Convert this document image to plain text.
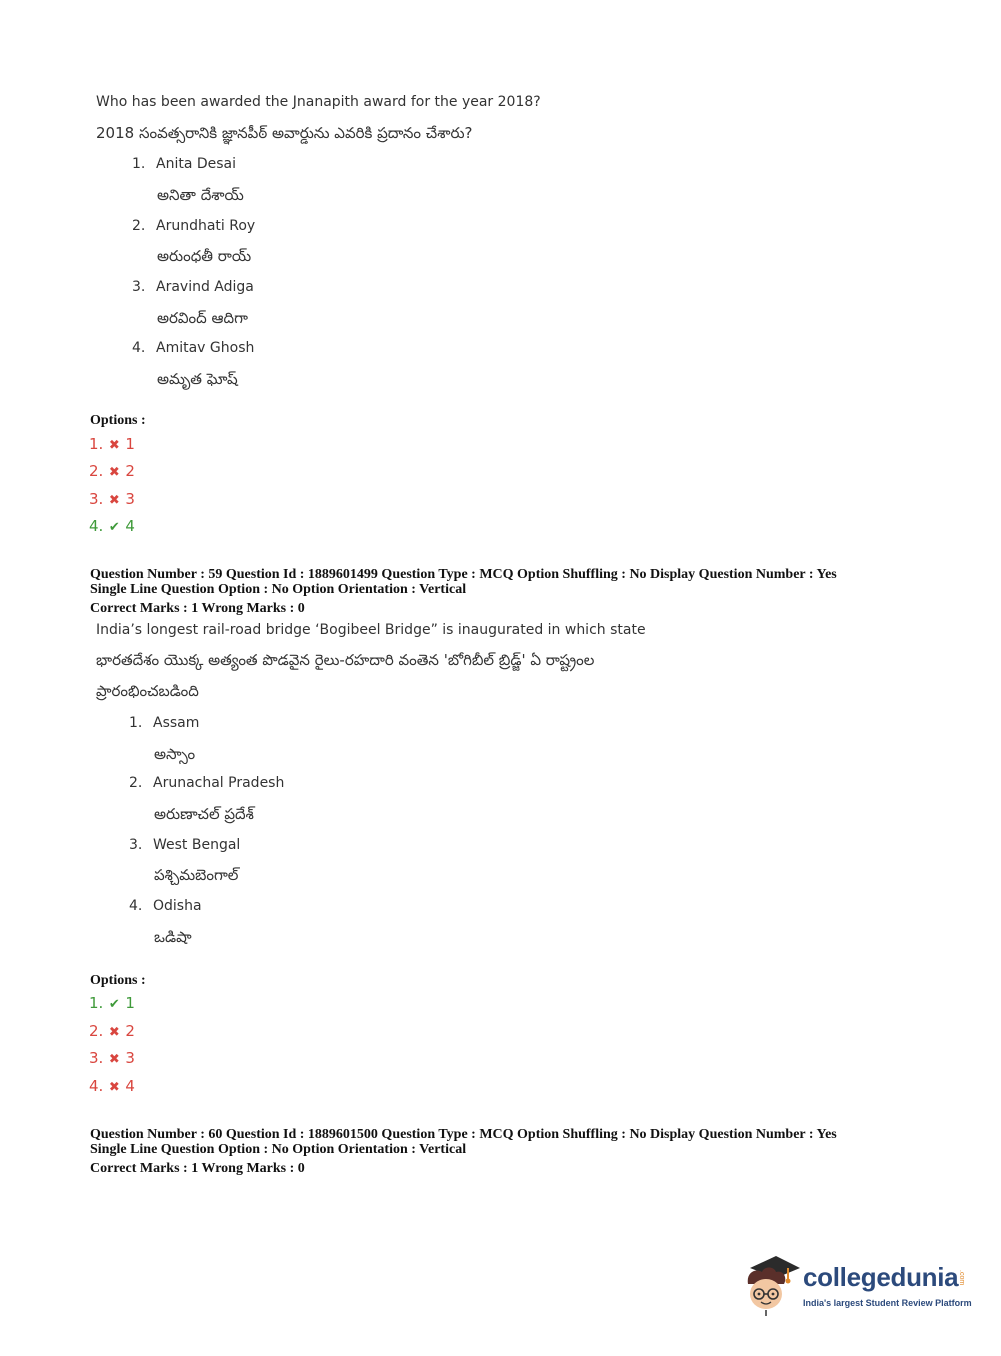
Who has been awarded the Jnanapith award for the year 2018?
2018 సంవత్సరానికి జ్ఞానపీఠ్ అవార్డును ఎవరికి ప్రదానం చేశారు?
1. Anita Desai
అనితా దేశాయ్
2. Arundhati Roy
అరుంధతీ రాయ్
3. Aravind Adiga
అరవింద్ ఆదిగా
4. Amitav Ghosh
అమృత ఘోష్
Options :
1. ✖ 1
2. ✖ 2
3. ✖ 3
4. ✔ 4
Question Number : 59 Question Id : 1889601499 Question Type : MCQ Option Shuffling : No Display Question Number : Yes
Single Line Question Option : No Option Orientation : Vertical
Correct Marks : 1 Wrong Marks : 0
India’s longest rail-road bridge ‘Bogibeel Bridge” is inaugurated in which state
భారతదేశం యొక్క అత్యంత పొడవైన రైలు-రహదారి వంతెన 'బోగిబీల్ బ్రిడ్జ్' ఏ రాష్ట్రంల
ప్రారంభించబడింది
1. Assam
అస్సాం
2. Arunachal Pradesh
అరుణాచల్ ప్రదేశ్
3. West Bengal
పశ్చిమబెంగాల్
4. Odisha
ఒడిషా
Options :
1. ✔ 1
2. ✖ 2
3. ✖ 3
4. ✖ 4
Question Number : 60 Question Id : 1889601500 Question Type : MCQ Option Shuffling : No Display Question Number : Yes
Single Line Question Option : No Option Orientation : Vertical
Correct Marks : 1 Wrong Marks : 0
collegedunia .com
India's largest Student Review Platform
